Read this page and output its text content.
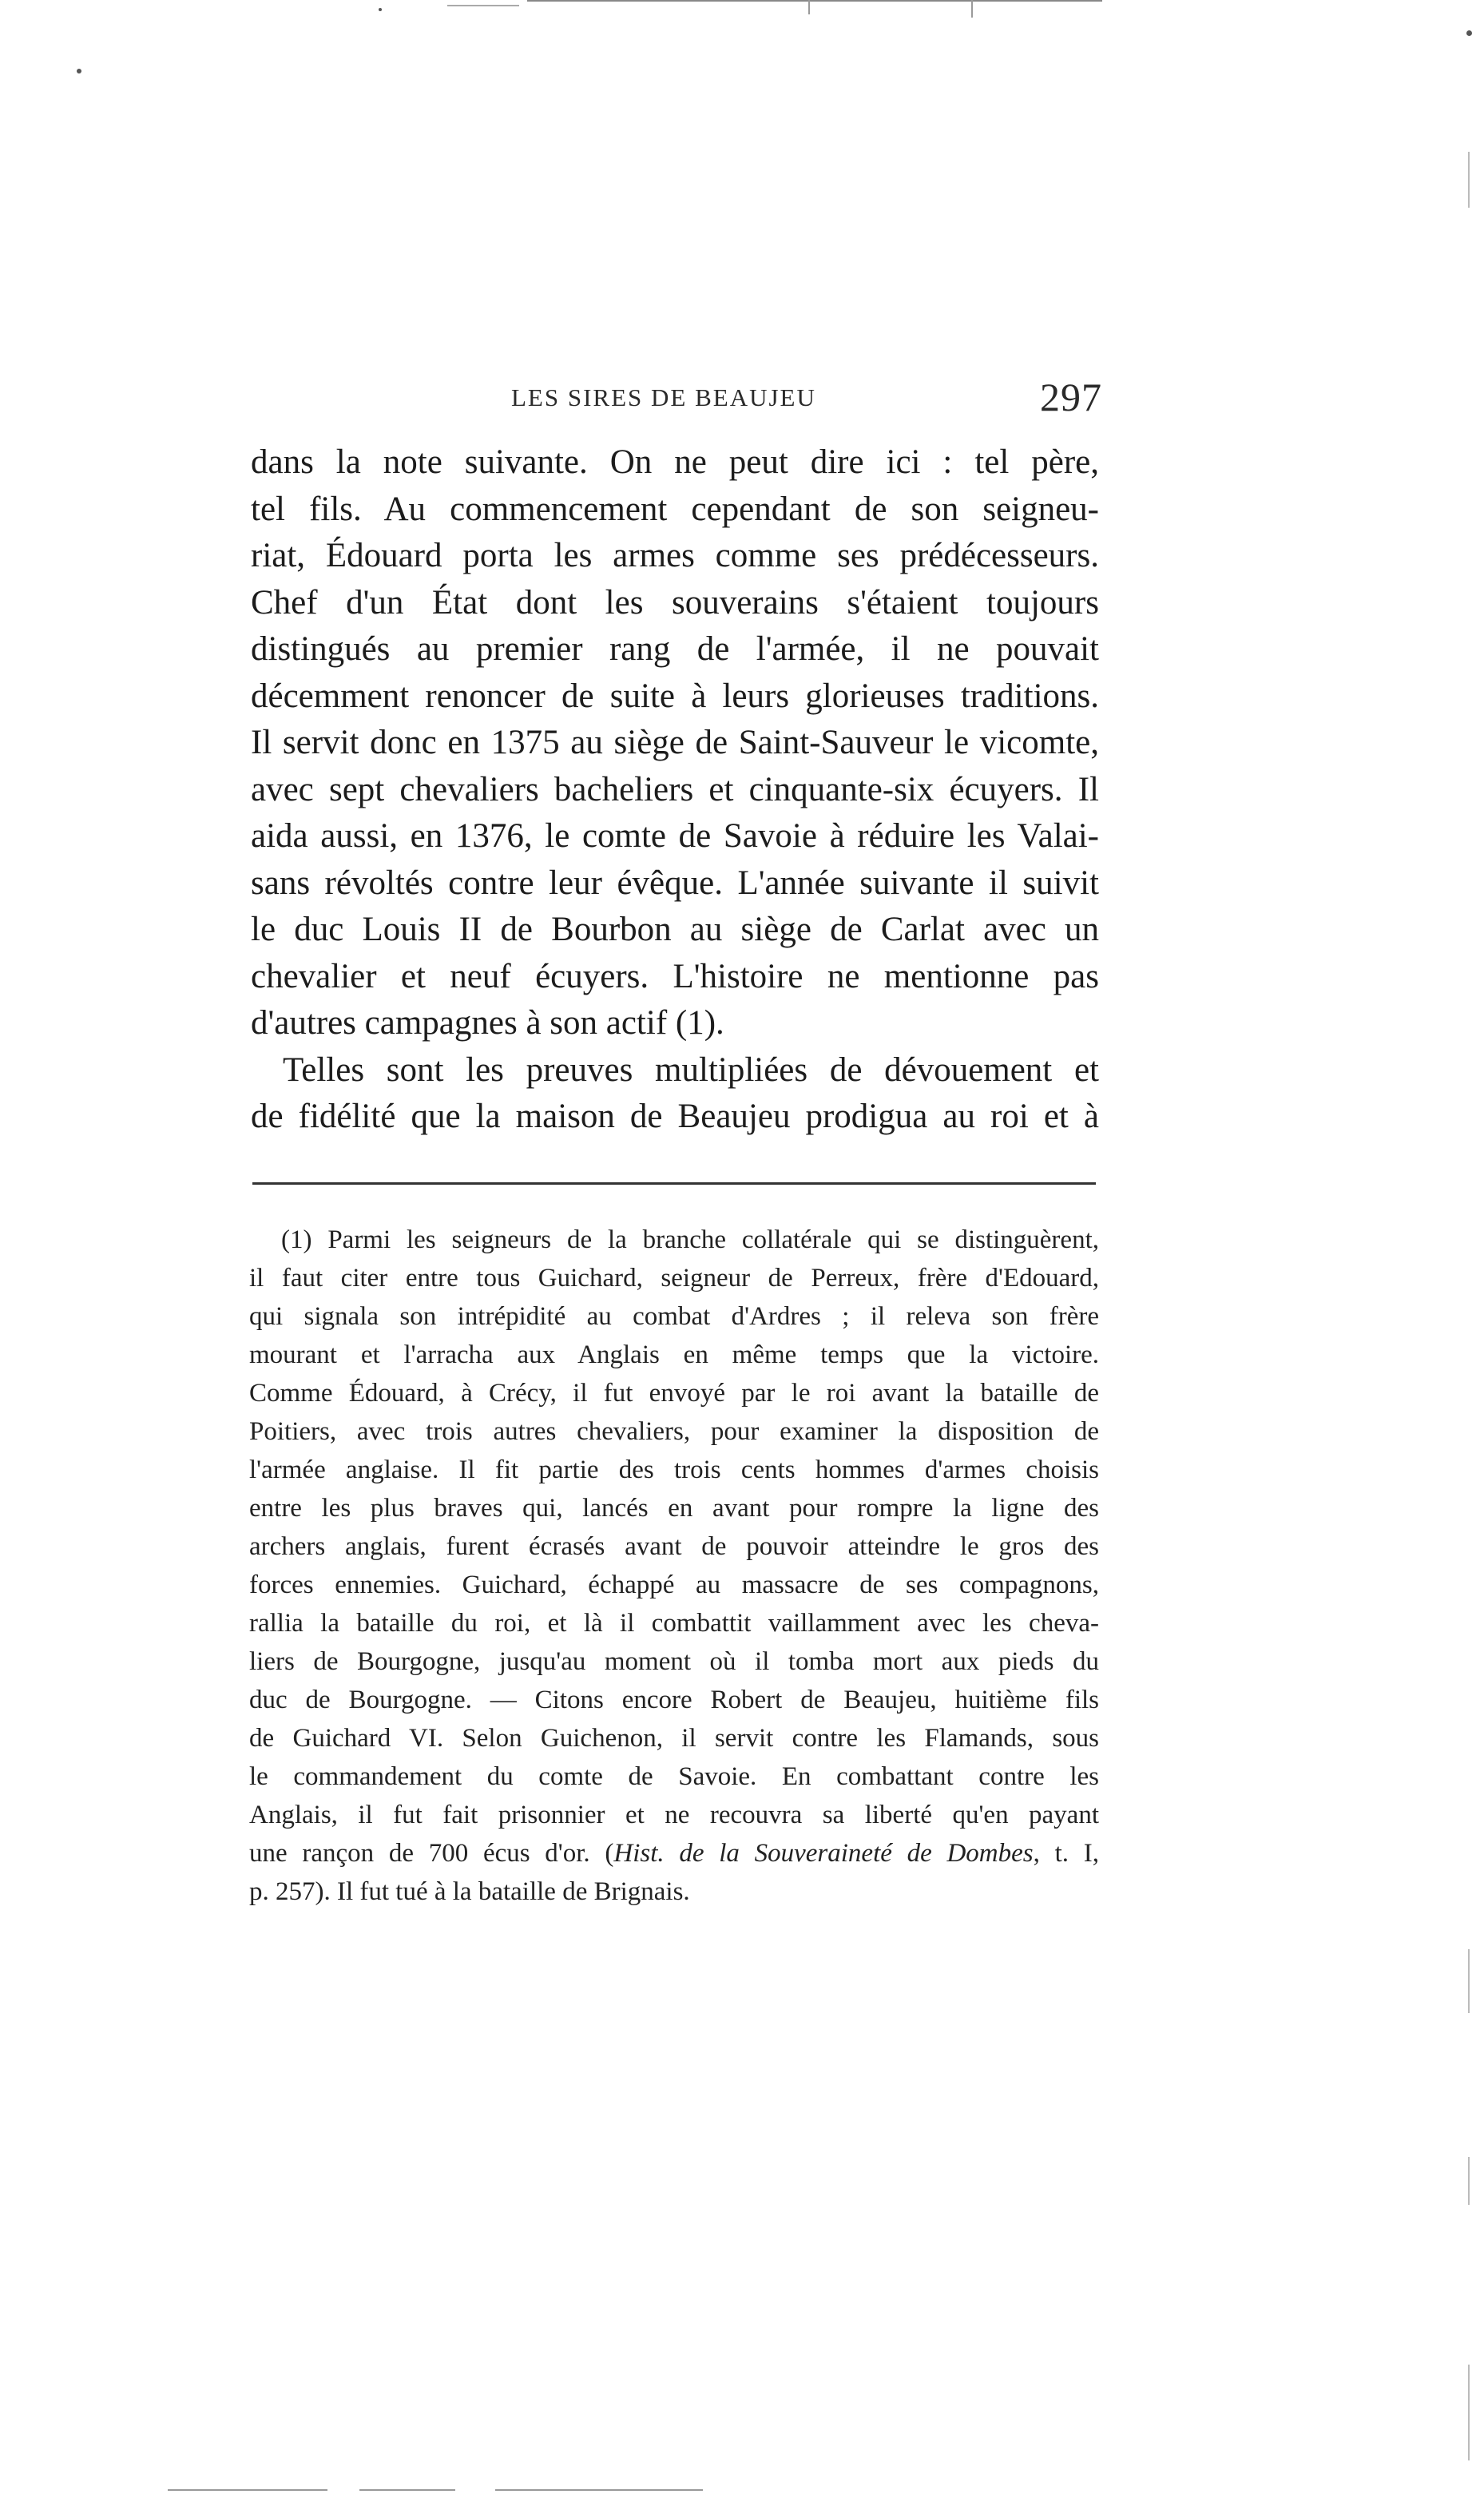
LES SIRES DE BEAUJEU	297
dans la note suivante. On ne peut dire ici : tel père,
tel fils. Au commencement cependant de son seigneu-
riat, Édouard porta les armes comme ses prédécesseurs.
Chef d'un État dont les souverains s'étaient toujours
distingués au premier rang de l'armée, il ne pouvait
décemment renoncer de suite à leurs glorieuses traditions.
Il servit donc en 1375 au siège de Saint-Sauveur le vicomte,
avec sept chevaliers bacheliers et cinquante-six écuyers. Il
aida aussi, en 1376, le comte de Savoie à réduire les Valai-
sans révoltés contre leur évêque. L'année suivante il suivit
le duc Louis II de Bourbon au siège de Carlat avec un
chevalier et neuf écuyers. L'histoire ne mentionne pas
d'autres campagnes à son actif (1).
Telles sont les preuves multipliées de dévouement et
de fidélité que la maison de Beaujeu prodigua au roi et à
(1) Parmi les seigneurs de la branche collatérale qui se distinguèrent,
il faut citer entre tous Guichard, seigneur de Perreux, frère d'Edouard,
qui signala son intrépidité au combat d'Ardres ; il releva son frère
mourant et l'arracha aux Anglais en même temps que la victoire.
Comme Édouard, à Crécy, il fut envoyé par le roi avant la bataille de
Poitiers, avec trois autres chevaliers, pour examiner la disposition de
l'armée anglaise. Il fit partie des trois cents hommes d'armes choisis
entre les plus braves qui, lancés en avant pour rompre la ligne des
archers anglais, furent écrasés avant de pouvoir atteindre le gros des
forces ennemies. Guichard, échappé au massacre de ses compagnons,
rallia la bataille du roi, et là il combattit vaillamment avec les cheva-
liers de Bourgogne, jusqu'au moment où il tomba mort aux pieds du
duc de Bourgogne. — Citons encore Robert de Beaujeu, huitième fils
de Guichard VI. Selon Guichenon, il servit contre les Flamands, sous
le commandement du comte de Savoie. En combattant contre les
Anglais, il fut fait prisonnier et ne recouvra sa liberté qu'en payant
une rançon de 700 écus d'or. (Hist. de la Souveraineté de Dombes, t. I,
p. 257). Il fut tué à la bataille de Brignais.
